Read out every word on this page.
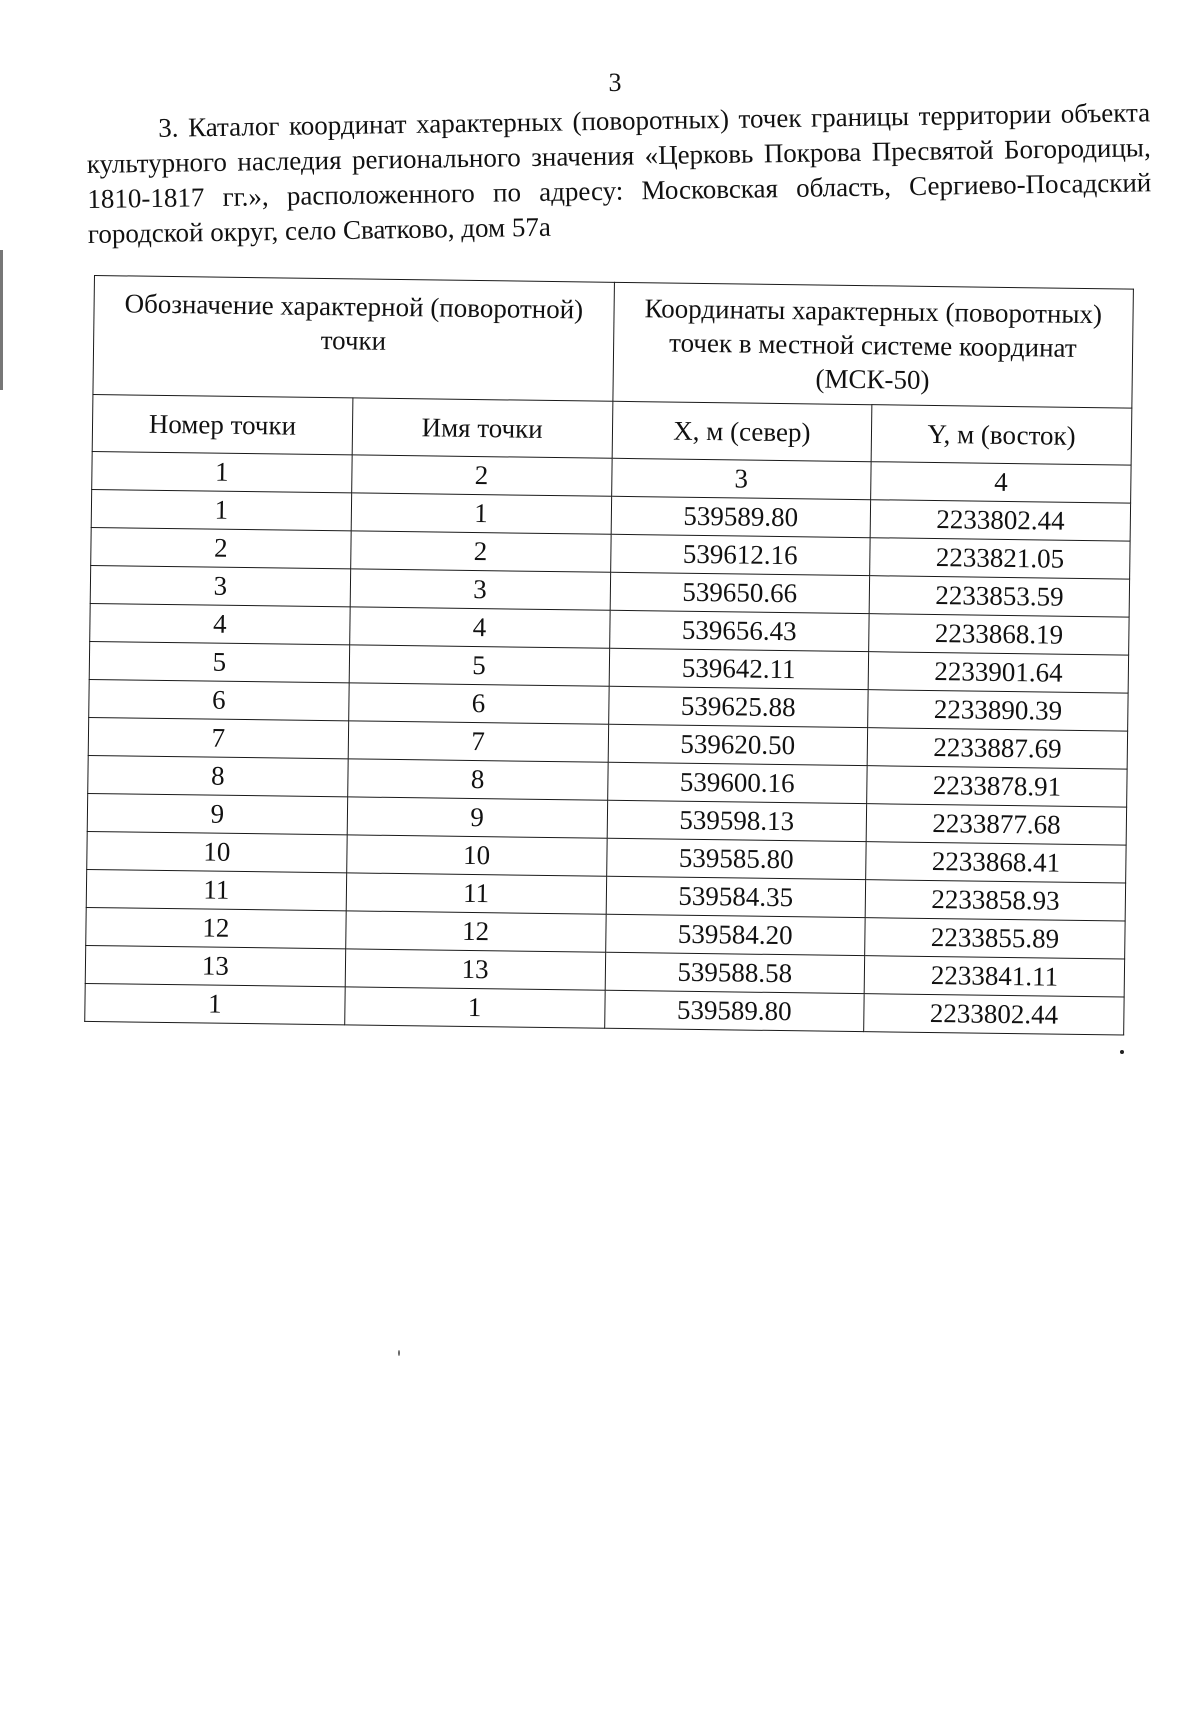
3
3. Каталог координат характерных (поворотных) точек границы территории объекта культурного наследия регионального значения «Церковь Покрова Пресвятой Богородицы, 1810-1817 гг.», расположенного по адресу: Московская область, Сергиево-Посадский городской округ, село Сватково, дом 57а
Обозначение характерной (поворотной) точки		Координаты характерных (поворотных) точек в местной системе координат (МСК-50)	
Номер точки	Имя точки	X, м (север)	Y, м (восток)
1	2	3	4
1	1	539589.80	2233802.44
2	2	539612.16	2233821.05
3	3	539650.66	2233853.59
4	4	539656.43	2233868.19
5	5	539642.11	2233901.64
6	6	539625.88	2233890.39
7	7	539620.50	2233887.69
8	8	539600.16	2233878.91
9	9	539598.13	2233877.68
10	10	539585.80	2233868.41
11	11	539584.35	2233858.93
12	12	539584.20	2233855.89
13	13	539588.58	2233841.11
1	1	539589.80	2233802.44
